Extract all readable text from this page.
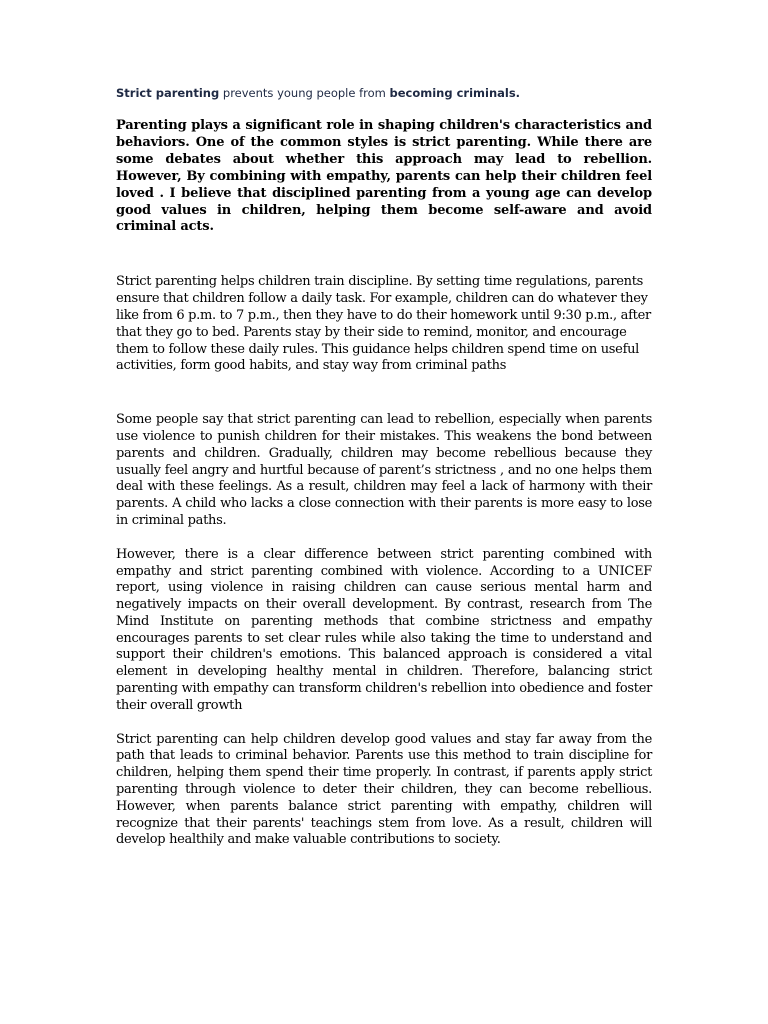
Strict parenting prevents young people from becoming criminals.

Parenting plays a significant role in shaping children's characteristics and behaviors. One of the common styles is strict parenting. While there are some debates about whether this approach may lead to rebellion. However, By combining with empathy, parents can help their children feel loved . I believe that disciplined parenting from a young age can develop good values in children, helping them become self-aware and avoid criminal acts.

Strict parenting helps children train discipline. By setting time regulations, parents ensure that children follow a daily task. For example, children can do whatever they like from 6 p.m. to 7 p.m., then they have to do their homework until 9:30 p.m., after that they go to bed. Parents stay by their side to remind, monitor, and encourage them to follow these daily rules. This guidance helps children spend time on useful activities, form good habits, and stay way from criminal paths

Some people say that strict parenting can lead to rebellion, especially when parents use violence to punish children for their mistakes. This weakens the bond between parents and children. Gradually, children may become rebellious because they usually feel angry and hurtful because of parent’s strictness , and no one helps them deal with these feelings. As a result, children may feel a lack of harmony with their parents. A child who lacks a close connection with their parents is more easy to lose in criminal paths.

However, there is a clear difference between strict parenting combined with empathy and strict parenting combined with violence. According to a UNICEF report, using violence in raising children can cause serious mental harm and negatively impacts on their overall development. By contrast, research from The Mind Institute on parenting methods that combine strictness and empathy encourages parents to set clear rules while also taking the time to understand and support their children's emotions. This balanced approach is considered a vital element in developing healthy mental in children. Therefore, balancing strict parenting with empathy can transform children's rebellion into obedience and foster their overall growth

Strict parenting can help children develop good values and stay far away from the path that leads to criminal behavior. Parents use this method to train discipline for children, helping them spend their time properly. In contrast, if parents apply strict parenting through violence to deter their children, they can become rebellious. However, when parents balance strict parenting with empathy, children will recognize that their parents' teachings stem from love. As a result, children will develop healthily and make valuable contributions to society.
